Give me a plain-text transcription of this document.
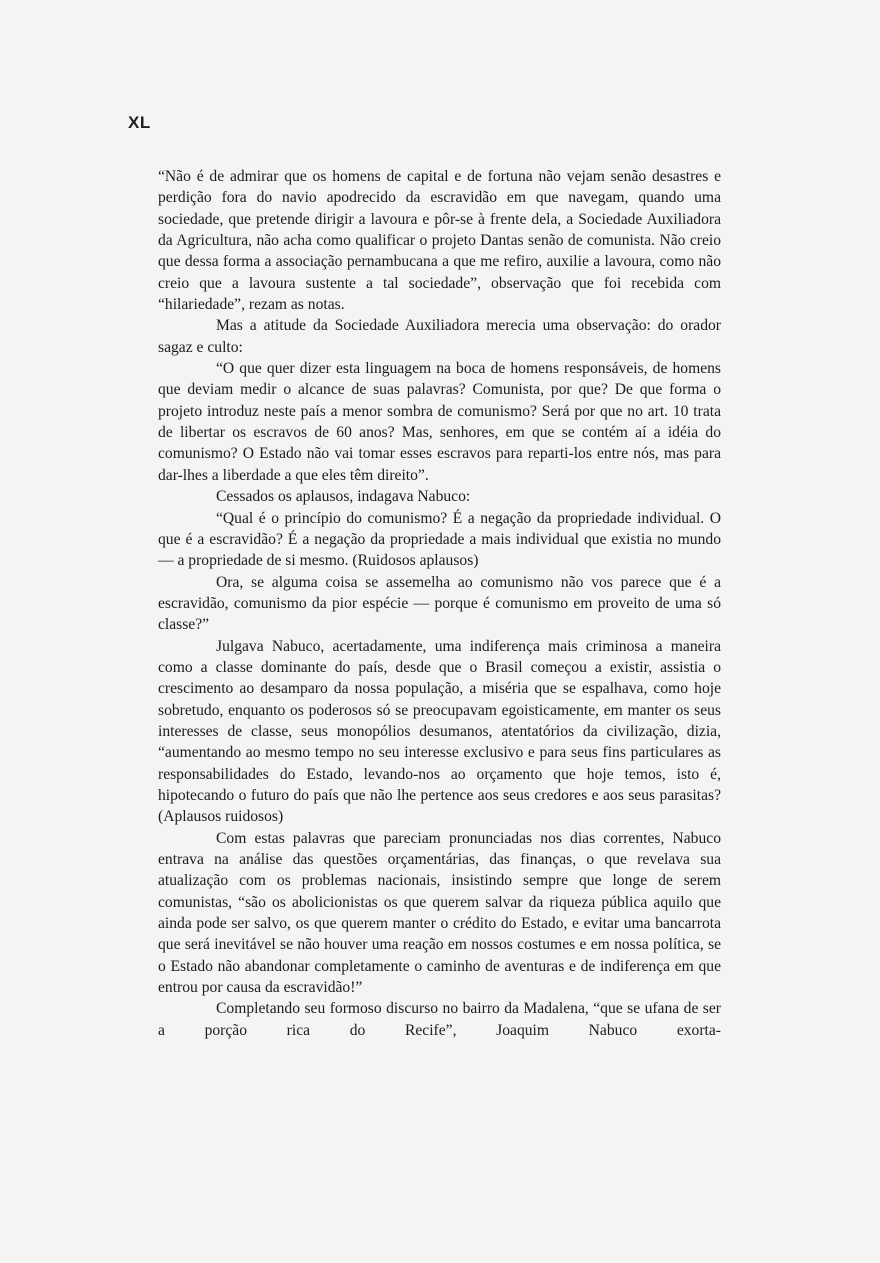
XL

“Não é de admirar que os homens de capital e de fortuna não vejam senão desastres e perdição fora do navio apodrecido da escravidão em que navegam, quando uma sociedade, que pretende dirigir a lavoura e pôr-se à frente dela, a Sociedade Auxiliadora da Agricultura, não acha como qualificar o projeto Dantas senão de comunista. Não creio que dessa forma a associação pernambucana a que me refiro, auxilie a lavoura, como não creio que a lavoura sustente a tal sociedade”, observação que foi recebida com “hilariedade”, rezam as notas.

Mas a atitude da Sociedade Auxiliadora merecia uma observação: do orador sagaz e culto:

“O que quer dizer esta linguagem na boca de homens responsáveis, de homens que deviam medir o alcance de suas palavras? Comunista, por que? De que forma o projeto introduz neste país a menor sombra de comunismo? Será por que no art. 10 trata de libertar os escravos de 60 anos? Mas, senhores, em que se contém aí a idéia do comunismo? O Estado não vai tomar esses escravos para reparti-los entre nós, mas para dar-lhes a liberdade a que eles têm direito”.

Cessados os aplausos, indagava Nabuco:

“Qual é o princípio do comunismo? É a negação da propriedade individual. O que é a escravidão? É a negação da propriedade a mais individual que existia no mundo — a propriedade de si mesmo. (Ruidosos aplausos)

Ora, se alguma coisa se assemelha ao comunismo não vos parece que é a escravidão, comunismo da pior espécie — porque é comunismo em proveito de uma só classe?”

Julgava Nabuco, acertadamente, uma indiferença mais criminosa a maneira como a classe dominante do país, desde que o Brasil começou a existir, assistia o crescimento ao desamparo da nossa população, a miséria que se espalhava, como hoje sobretudo, enquanto os poderosos só se preocupavam egoisticamente, em manter os seus interesses de classe, seus monopólios desumanos, atentatórios da civilização, dizia, “aumentando ao mesmo tempo no seu interesse exclusivo e para seus fins particulares as responsabilidades do Estado, levando-nos ao orçamento que hoje temos, isto é, hipotecando o futuro do país que não lhe pertence aos seus credores e aos seus parasitas? (Aplausos ruidosos)

Com estas palavras que pareciam pronunciadas nos dias correntes, Nabuco entrava na análise das questões orçamentárias, das finanças, o que revelava sua atualização com os problemas nacionais, insistindo sempre que longe de serem comunistas, “são os abolicionistas os que querem salvar da riqueza pública aquilo que ainda pode ser salvo, os que querem manter o crédito do Estado, e evitar uma bancarrota que será inevitável se não houver uma reação em nossos costumes e em nossa política, se o Estado não abandonar completamente o caminho de aventuras e de indiferença em que entrou por causa da escravidão!”

Completando seu formoso discurso no bairro da Madalena, “que se ufana de ser a porção rica do Recife”, Joaquim Nabuco exorta-
